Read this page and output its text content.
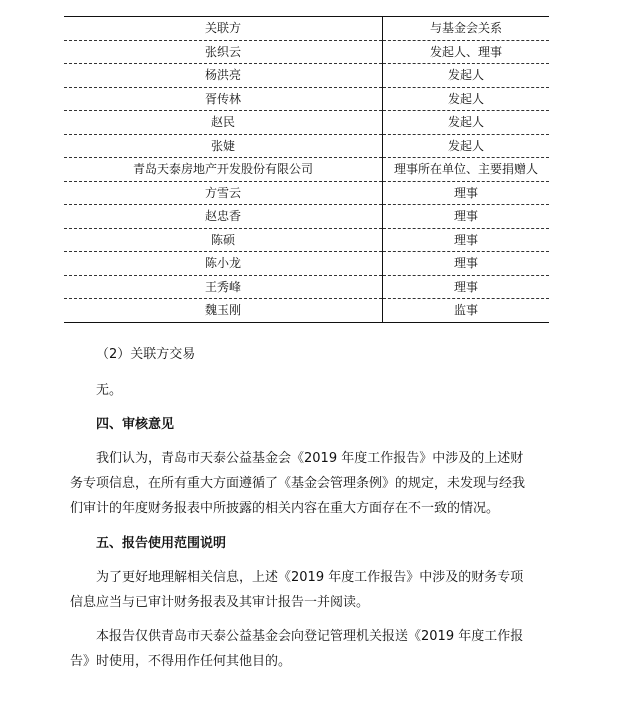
关联方	与基金会关系
张织云	发起人、理事
杨洪亮	发起人
胥传林	发起人
赵民	发起人
张婕	发起人
青岛天泰房地产开发股份有限公司	理事所在单位、主要捐赠人
方雪云	理事
赵忠香	理事
陈硕	理事
陈小龙	理事
王秀峰	理事
魏玉刚	监事
（2）关联方交易
无。
四、审核意见
我们认为，青岛市天泰公益基金会《2019 年度工作报告》中涉及的上述财
务专项信息，在所有重大方面遵循了《基金会管理条例》的规定，未发现与经我
们审计的年度财务报表中所披露的相关内容在重大方面存在不一致的情况。
五、报告使用范围说明
为了更好地理解相关信息，上述《2019 年度工作报告》中涉及的财务专项
信息应当与已审计财务报表及其审计报告一并阅读。
本报告仅供青岛市天泰公益基金会向登记管理机关报送《2019 年度工作报
告》时使用，不得用作任何其他目的。
